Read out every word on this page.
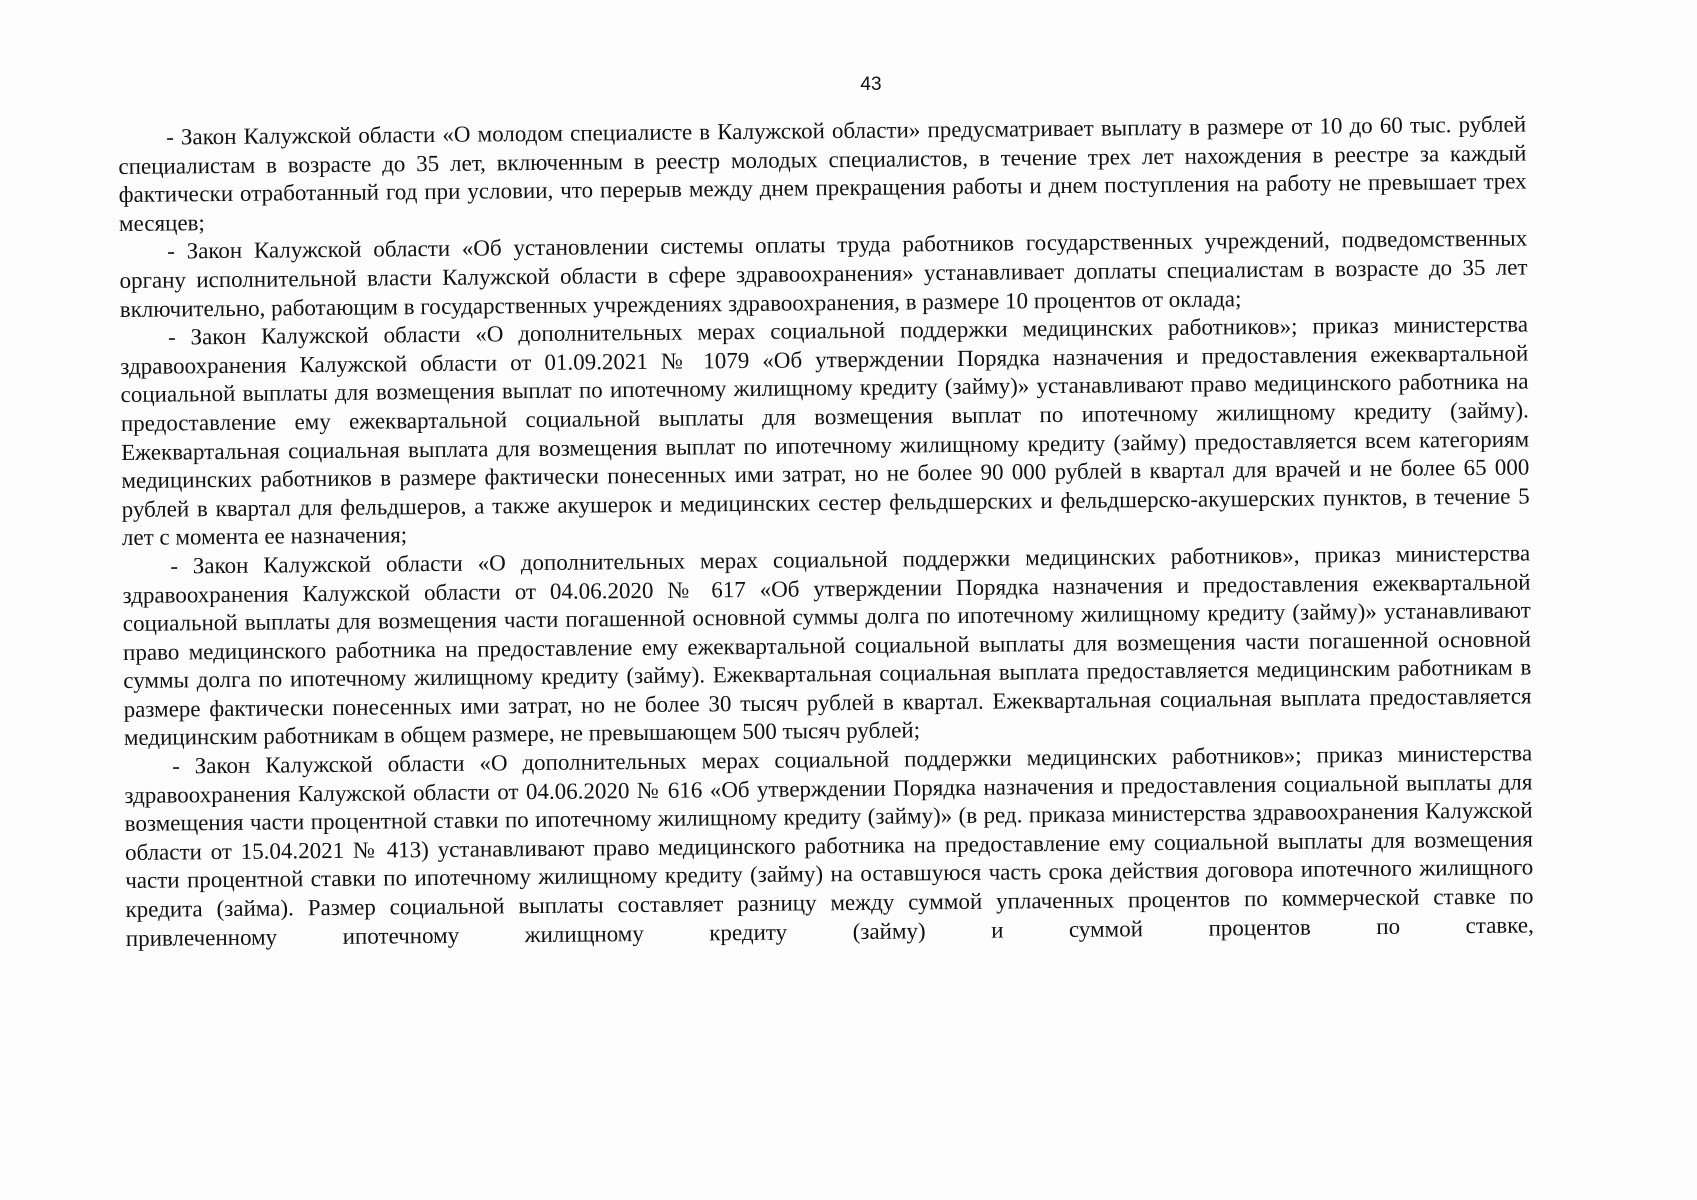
43

- Закон Калужской области «О молодом специалисте в Калужской области» предусматривает выплату в размере от 10 до 60 тыс. рублей специалистам в возрасте до 35 лет, включенным в реестр молодых специалистов, в течение трех лет нахождения в реестре за каждый фактически отработанный год при условии, что перерыв между днем прекращения работы и днем поступления на работу не превышает трех месяцев;

- Закон Калужской области «Об установлении системы оплаты труда работников государственных учреждений, подведомственных органу исполнительной власти Калужской области в сфере здравоохранения» устанавливает доплаты специалистам в возрасте до 35 лет включительно, работающим в государственных учреждениях здравоохранения, в размере 10 процентов от оклада;

- Закон Калужской области «О дополнительных мерах социальной поддержки медицинских работников»; приказ министерства здравоохранения Калужской области от 01.09.2021 № 1079 «Об утверждении Порядка назначения и предоставления ежеквартальной социальной выплаты для возмещения выплат по ипотечному жилищному кредиту (займу)» устанавливают право медицинского работника на предоставление ему ежеквартальной социальной выплаты для возмещения выплат по ипотечному жилищному кредиту (займу). Ежеквартальная социальная выплата для возмещения выплат по ипотечному жилищному кредиту (займу) предоставляется всем категориям медицинских работников в размере фактически понесенных ими затрат, но не более 90 000 рублей в квартал для врачей и не более 65 000 рублей в квартал для фельдшеров, а также акушерок и медицинских сестер фельдшерских и фельдшерско-акушерских пунктов, в течение 5 лет с момента ее назначения;

- Закон Калужской области «О дополнительных мерах социальной поддержки медицинских работников», приказ министерства здравоохранения Калужской области от 04.06.2020 № 617 «Об утверждении Порядка назначения и предоставления ежеквартальной социальной выплаты для возмещения части погашенной основной суммы долга по ипотечному жилищному кредиту (займу)» устанавливают право медицинского работника на предоставление ему ежеквартальной социальной выплаты для возмещения части погашенной основной суммы долга по ипотечному жилищному кредиту (займу). Ежеквартальная социальная выплата предоставляется медицинским работникам в размере фактически понесенных ими затрат, но не более 30 тысяч рублей в квартал. Ежеквартальная социальная выплата предоставляется медицинским работникам в общем размере, не превышающем 500 тысяч рублей;

- Закон Калужской области «О дополнительных мерах социальной поддержки медицинских работников»; приказ министерства здравоохранения Калужской области от 04.06.2020 № 616 «Об утверждении Порядка назначения и предоставления социальной выплаты для возмещения части процентной ставки по ипотечному жилищному кредиту (займу)» (в ред. приказа министерства здравоохранения Калужской области от 15.04.2021 № 413) устанавливают право медицинского работника на предоставление ему социальной выплаты для возмещения части процентной ставки по ипотечному жилищному кредиту (займу) на оставшуюся часть срока действия договора ипотечного жилищного кредита (займа). Размер социальной выплаты составляет разницу между суммой уплаченных процентов по коммерческой ставке по привлеченному ипотечному жилищному кредиту (займу) и суммой процентов по ставке,
